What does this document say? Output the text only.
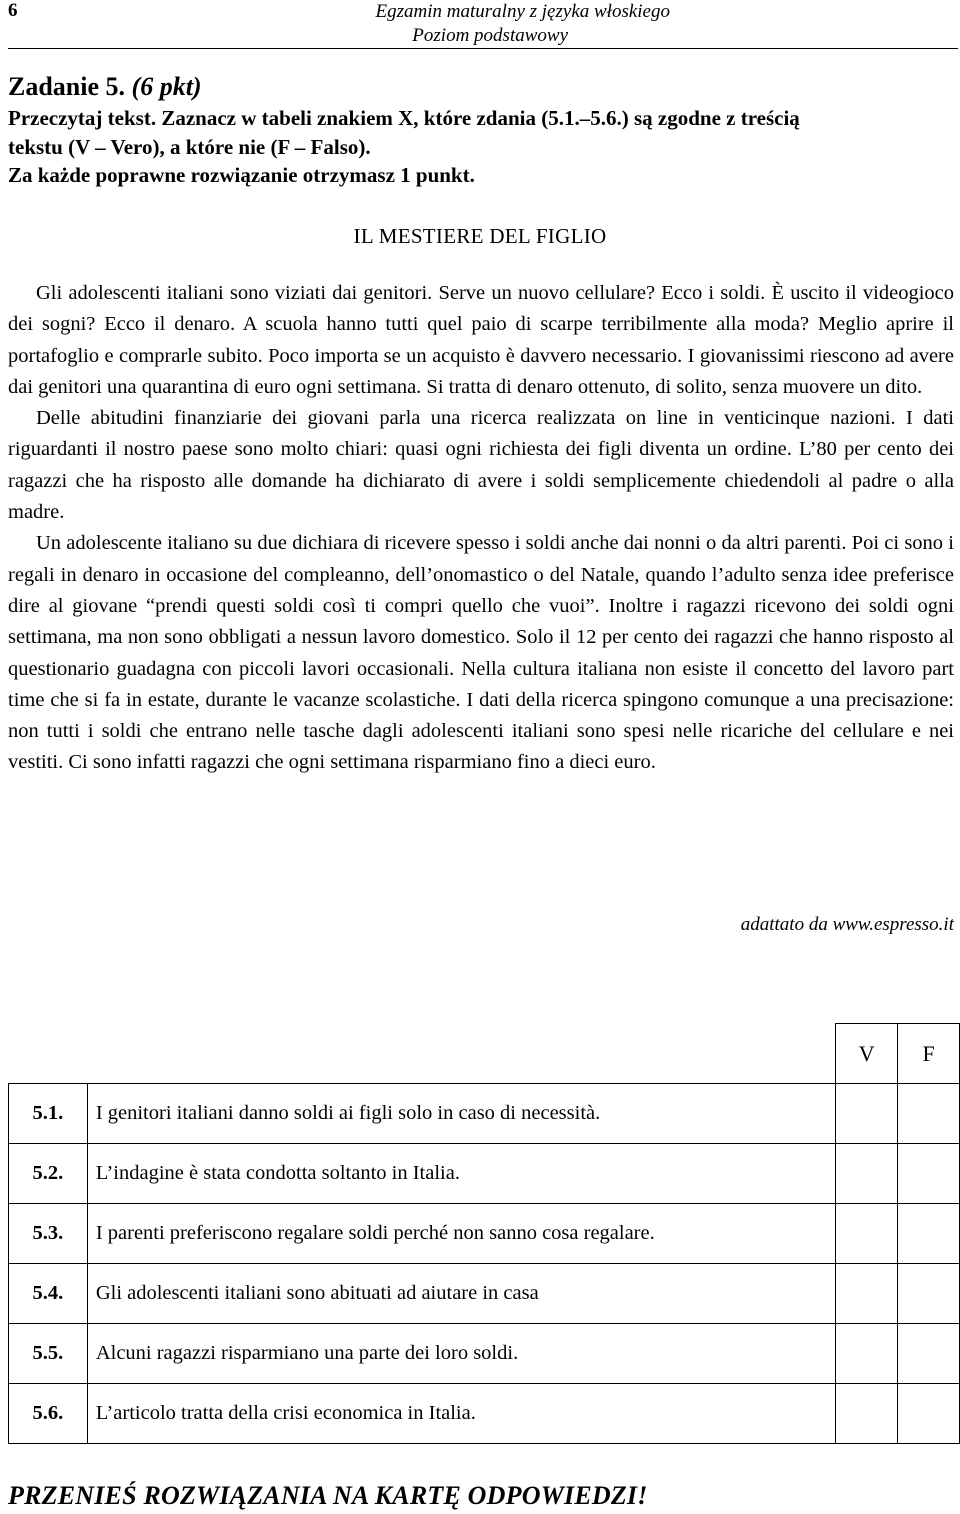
6	Egzamin maturalny z języka włoskiego
Poziom podstawowy
Zadanie 5. (6 pkt)
Przeczytaj tekst. Zaznacz w tabeli znakiem X, które zdania (5.1.–5.6.) są zgodne z treścią
tekstu (V – Vero), a które nie (F – Falso).
Za każde poprawne rozwiązanie otrzymasz 1 punkt.
IL MESTIERE DEL FIGLIO

Gli adolescenti italiani sono viziati dai genitori. Serve un nuovo cellulare? Ecco i soldi. È uscito il videogioco dei sogni? Ecco il denaro. A scuola hanno tutti quel paio di scarpe terribilmente alla moda? Meglio aprire il portafoglio e comprarle subito. Poco importa se un acquisto è davvero necessario. I giovanissimi riescono ad avere dai genitori una quarantina di euro ogni settimana. Si tratta di denaro ottenuto, di solito, senza muovere un dito.

Delle abitudini finanziarie dei giovani parla una ricerca realizzata on line in venticinque nazioni. I dati riguardanti il nostro paese sono molto chiari: quasi ogni richiesta dei figli diventa un ordine. L’80 per cento dei ragazzi che ha risposto alle domande ha dichiarato di avere i soldi semplicemente chiedendoli al padre o alla madre.

Un adolescente italiano su due dichiara di ricevere spesso i soldi anche dai nonni o da altri parenti. Poi ci sono i regali in denaro in occasione del compleanno, dell’onomastico o del Natale, quando l’adulto senza idee preferisce dire al giovane “prendi questi soldi così ti compri quello che vuoi”. Inoltre i ragazzi ricevono dei soldi ogni settimana, ma non sono obbligati a nessun lavoro domestico. Solo il 12 per cento dei ragazzi che hanno risposto al questionario guadagna con piccoli lavori occasionali. Nella cultura italiana non esiste il concetto del lavoro part time che si fa in estate, durante le vacanze scolastiche. I dati della ricerca spingono comunque a una precisazione: non tutti i soldi che entrano nelle tasche dagli adolescenti italiani sono spesi nelle ricariche del cellulare e nei vestiti. Ci sono infatti ragazzi che ogni settimana risparmiano fino a dieci euro.

adattato da www.espresso.it
		V	F
5.1.	I genitori italiani danno soldi ai figli solo in caso di necessità.		
5.2.	L’indagine è stata condotta soltanto in Italia.		
5.3.	I parenti preferiscono regalare soldi perché non sanno cosa regalare.		
5.4.	Gli adolescenti italiani sono abituati ad aiutare in casa		
5.5.	Alcuni ragazzi risparmiano una parte dei loro soldi.		
5.6.	L’articolo tratta della crisi economica in Italia.		
PRZENIEŚ ROZWIĄZANIA NA KARTĘ ODPOWIEDZI!
